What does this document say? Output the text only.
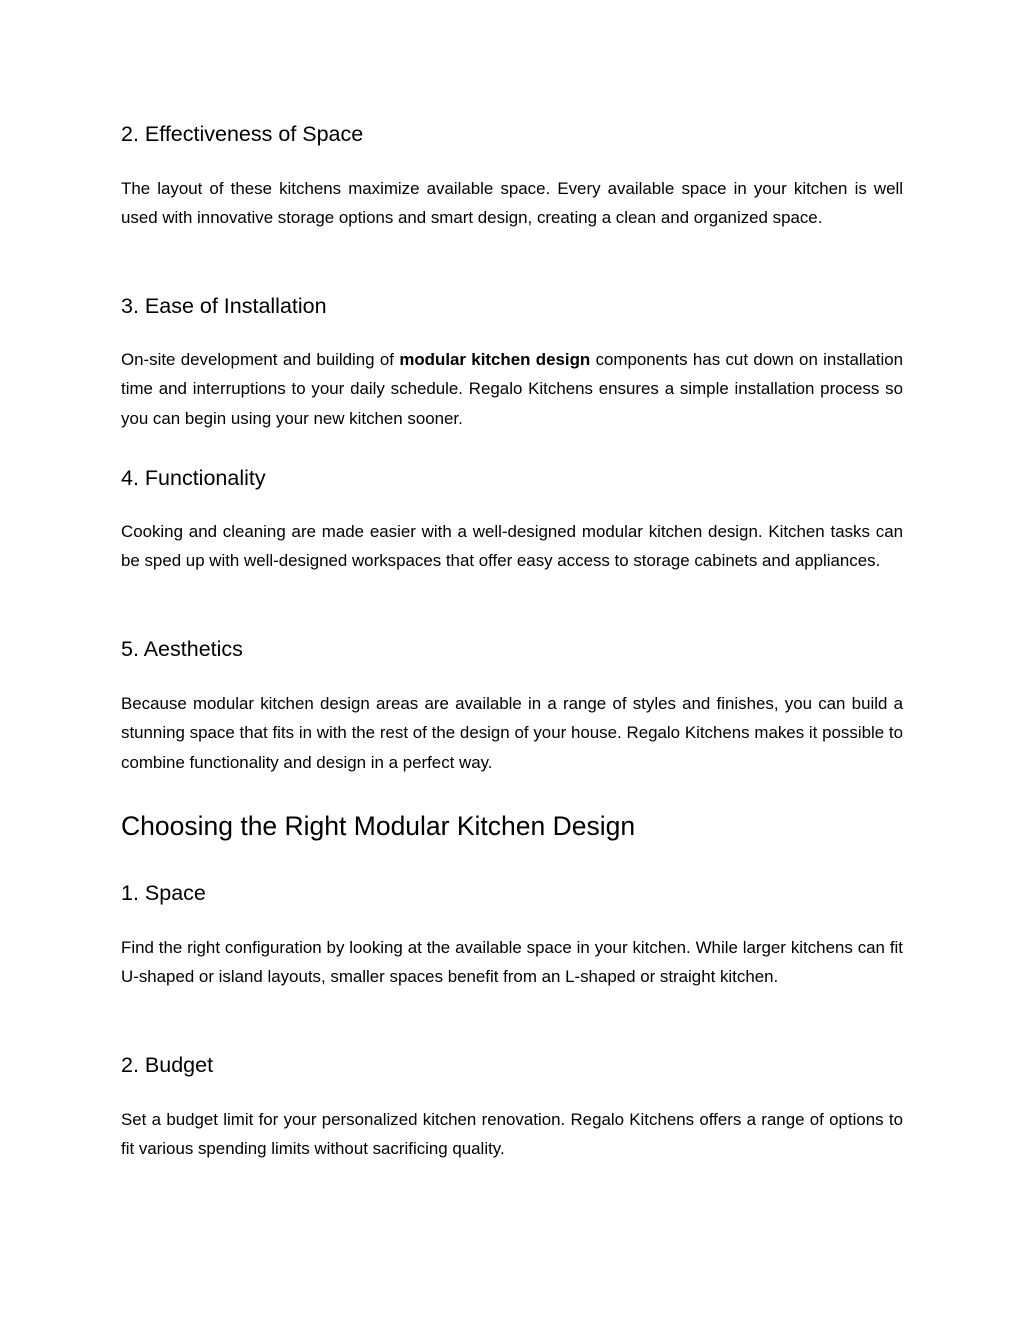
2. Effectiveness of Space

The layout of these kitchens maximize available space. Every available space in your kitchen is well used with innovative storage options and smart design, creating a clean and organized space.

3. Ease of Installation

On-site development and building of modular kitchen design components has cut down on installation time and interruptions to your daily schedule. Regalo Kitchens ensures a simple installation process so you can begin using your new kitchen sooner.

4. Functionality

Cooking and cleaning are made easier with a well-designed modular kitchen design. Kitchen tasks can be sped up with well-designed workspaces that offer easy access to storage cabinets and appliances.

5. Aesthetics

Because modular kitchen design areas are available in a range of styles and finishes, you can build a stunning space that fits in with the rest of the design of your house. Regalo Kitchens makes it possible to combine functionality and design in a perfect way.

Choosing the Right Modular Kitchen Design
1. Space

Find the right configuration by looking at the available space in your kitchen. While larger kitchens can fit U-shaped or island layouts, smaller spaces benefit from an L-shaped or straight kitchen.

2. Budget

Set a budget limit for your personalized kitchen renovation. Regalo Kitchens offers a range of options to fit various spending limits without sacrificing quality.
